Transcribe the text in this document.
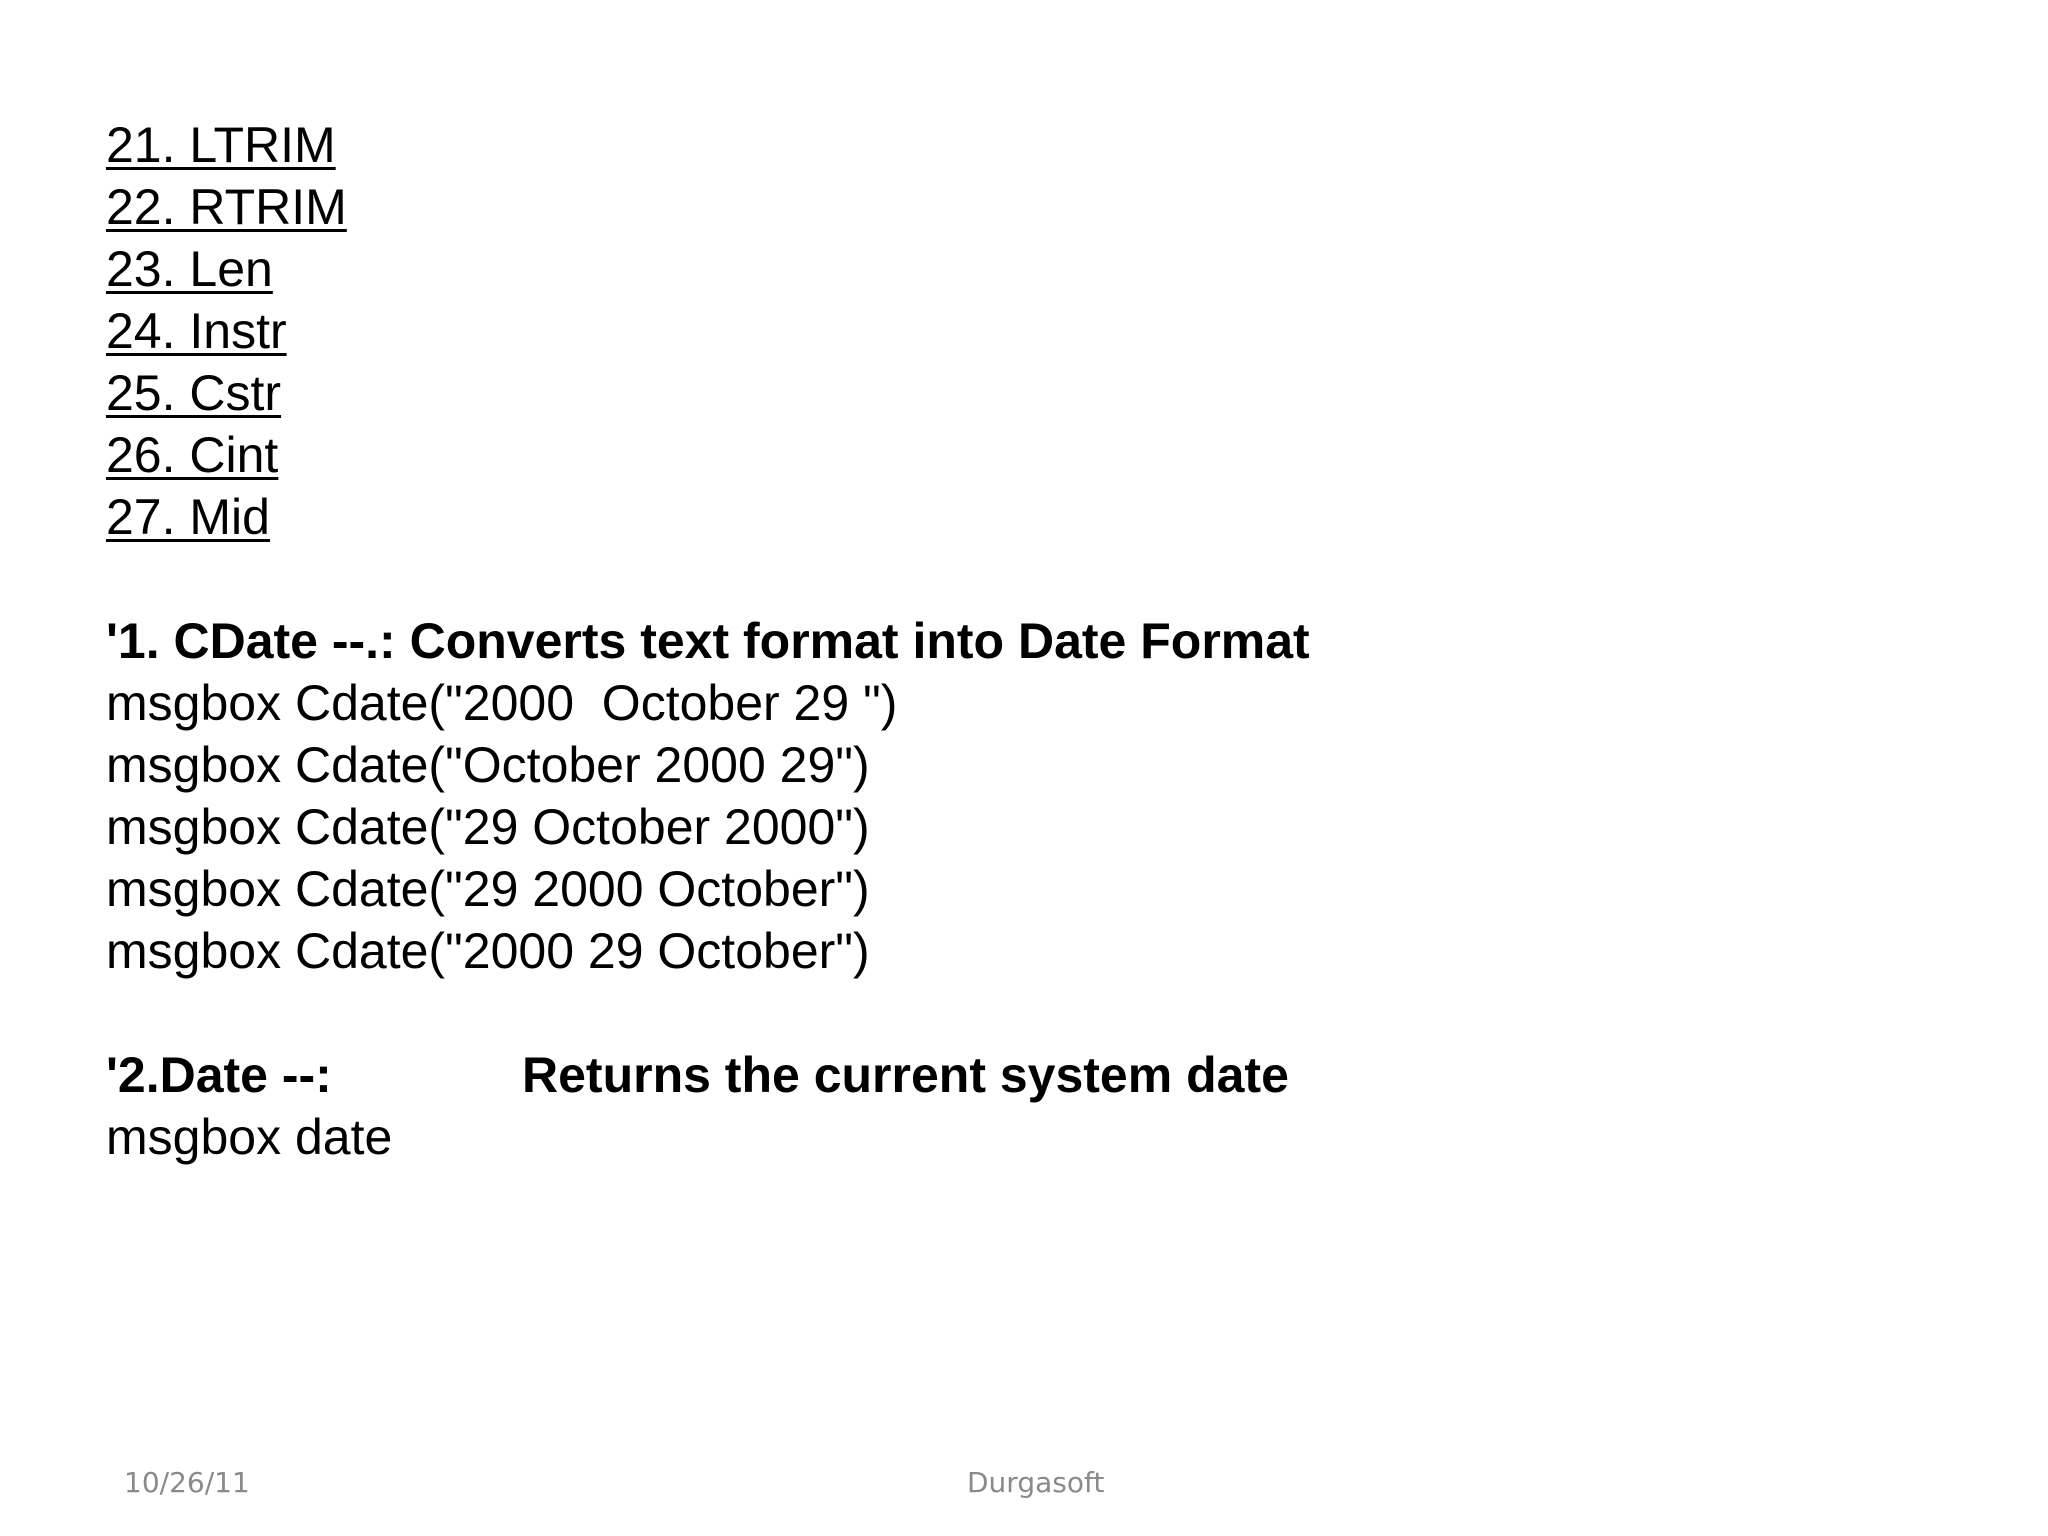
21. LTRIM
22. RTRIM
23. Len
24. Instr
25. Cstr
26. Cint
27. Mid
'1. CDate --.: Converts text format into Date Format
msgbox Cdate("2000  October 29 ")
msgbox Cdate("October 2000 29")
msgbox Cdate("29 October 2000")
msgbox Cdate("29 2000 October")
msgbox Cdate("2000 29 October")
'2.Date --:	Returns the current system date
msgbox date
10/26/11	Durgasoft
